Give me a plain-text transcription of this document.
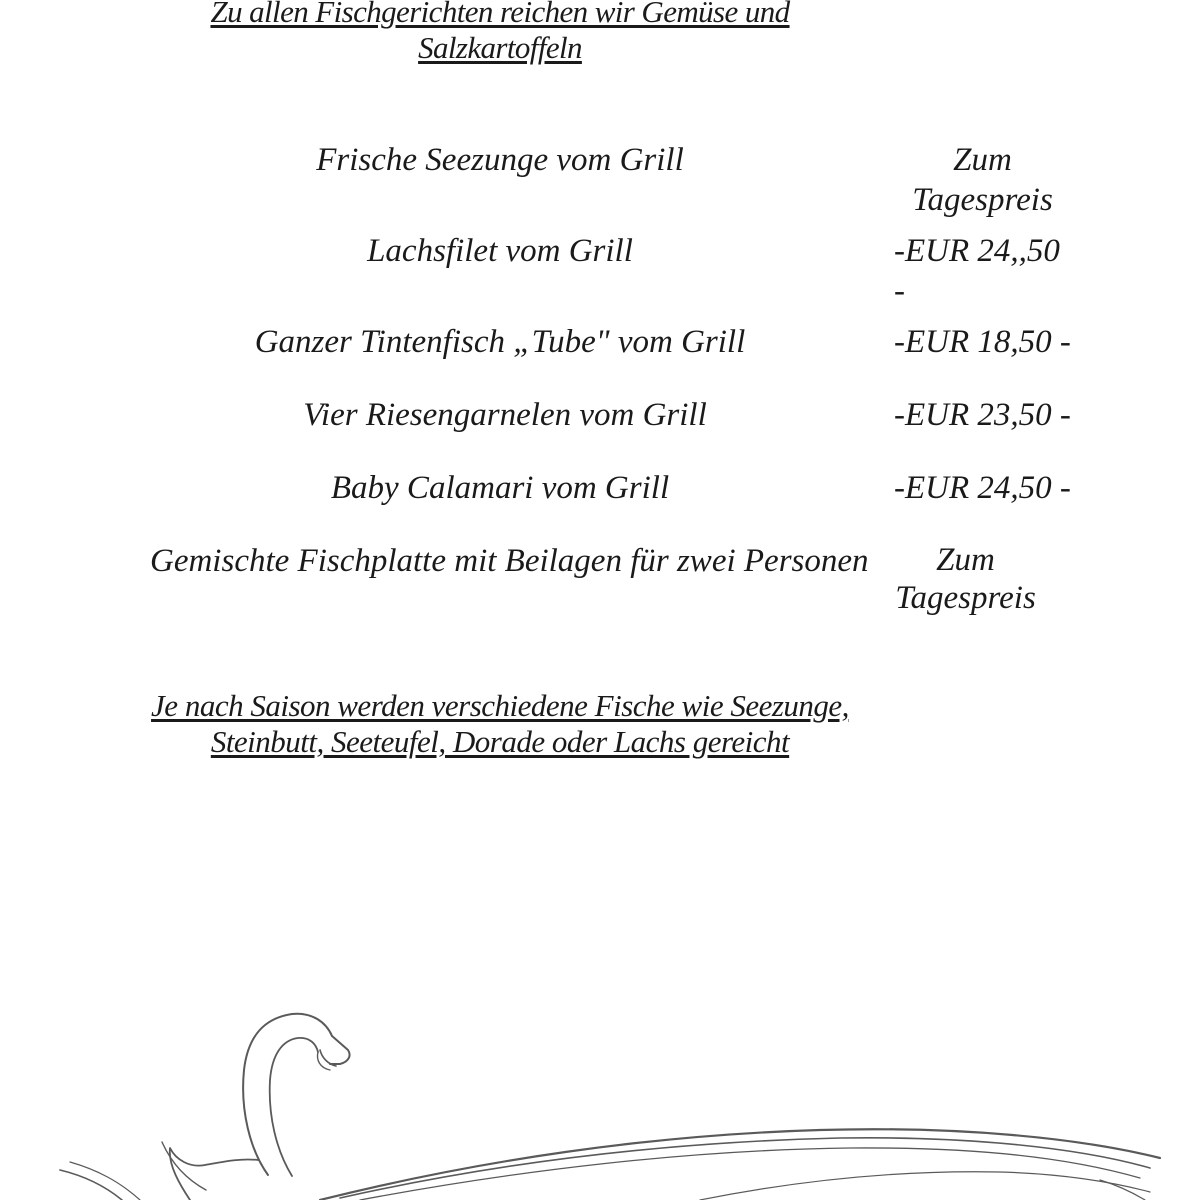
Zu allen Fischgerichten reichen wir Gemüse und
Salzkartoffeln
Frische Seezunge vom Grill	Zum
Tagespreis
Lachsfilet vom Grill	-EUR 24,,50
-
Ganzer Tintenfisch „Tube" vom Grill	-EUR 18,50 -
Vier Riesengarnelen vom Grill	-EUR 23,50 -
Baby Calamari vom Grill	-EUR 24,50 -
Gemischte Fischplatte mit Beilagen für zwei Personen	Zum
Tagespreis
Je nach Saison werden verschiedene Fische wie Seezunge,
Steinbutt, Seeteufel, Dorade oder Lachs gereicht
